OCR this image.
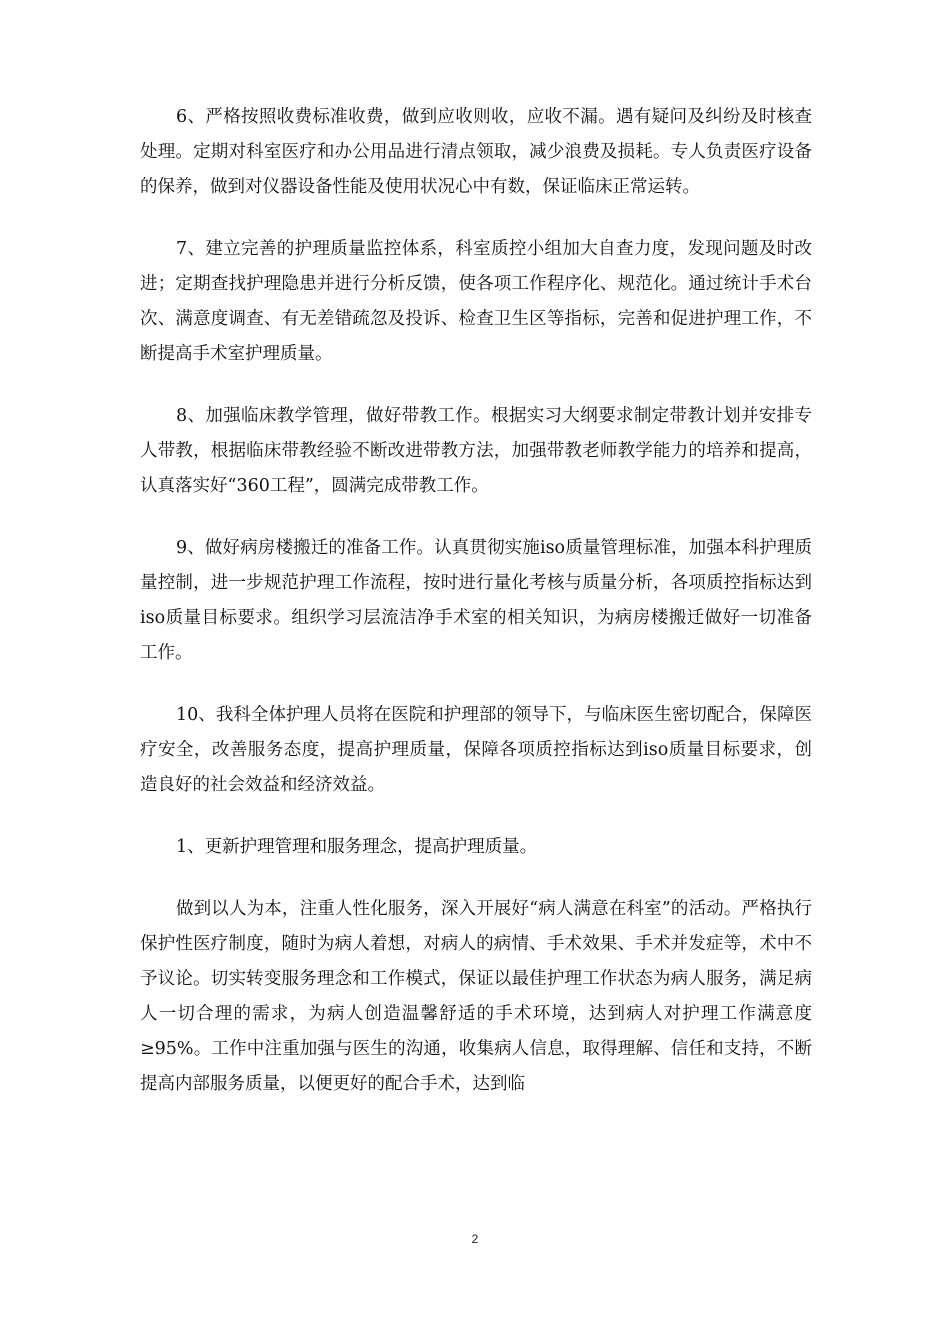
6、严格按照收费标准收费，做到应收则收，应收不漏。遇有疑问及纠纷及时核查处理。定期对科室医疗和办公用品进行清点领取，减少浪费及损耗。专人负责医疗设备的保养，做到对仪器设备性能及使用状况心中有数，保证临床正常运转。

7、建立完善的护理质量监控体系，科室质控小组加大自查力度，发现问题及时改进；定期查找护理隐患并进行分析反馈，使各项工作程序化、规范化。通过统计手术台次、满意度调查、有无差错疏忽及投诉、检查卫生区等指标，完善和促进护理工作，不断提高手术室护理质量。

8、加强临床教学管理，做好带教工作。根据实习大纲要求制定带教计划并安排专人带教，根据临床带教经验不断改进带教方法，加强带教老师教学能力的培养和提高，认真落实好“360工程”，圆满完成带教工作。

9、做好病房楼搬迁的准备工作。认真贯彻实施iso质量管理标准，加强本科护理质量控制，进一步规范护理工作流程，按时进行量化考核与质量分析，各项质控指标达到iso质量目标要求。组织学习层流洁净手术室的相关知识，为病房楼搬迁做好一切准备工作。

10、我科全体护理人员将在医院和护理部的领导下，与临床医生密切配合，保障医疗安全，改善服务态度，提高护理质量，保障各项质控指标达到iso质量目标要求，创造良好的社会效益和经济效益。

1、更新护理管理和服务理念，提高护理质量。

做到以人为本，注重人性化服务，深入开展好“病人满意在科室”的活动。严格执行保护性医疗制度，随时为病人着想，对病人的病情、手术效果、手术并发症等，术中不予议论。切实转变服务理念和工作模式，保证以最佳护理工作状态为病人服务，满足病人一切合理的需求，为病人创造温馨舒适的手术环境，达到病人对护理工作满意度≥95%。工作中注重加强与医生的沟通，收集病人信息，取得理解、信任和支持，不断提高内部服务质量，以便更好的配合手术，达到临

2
